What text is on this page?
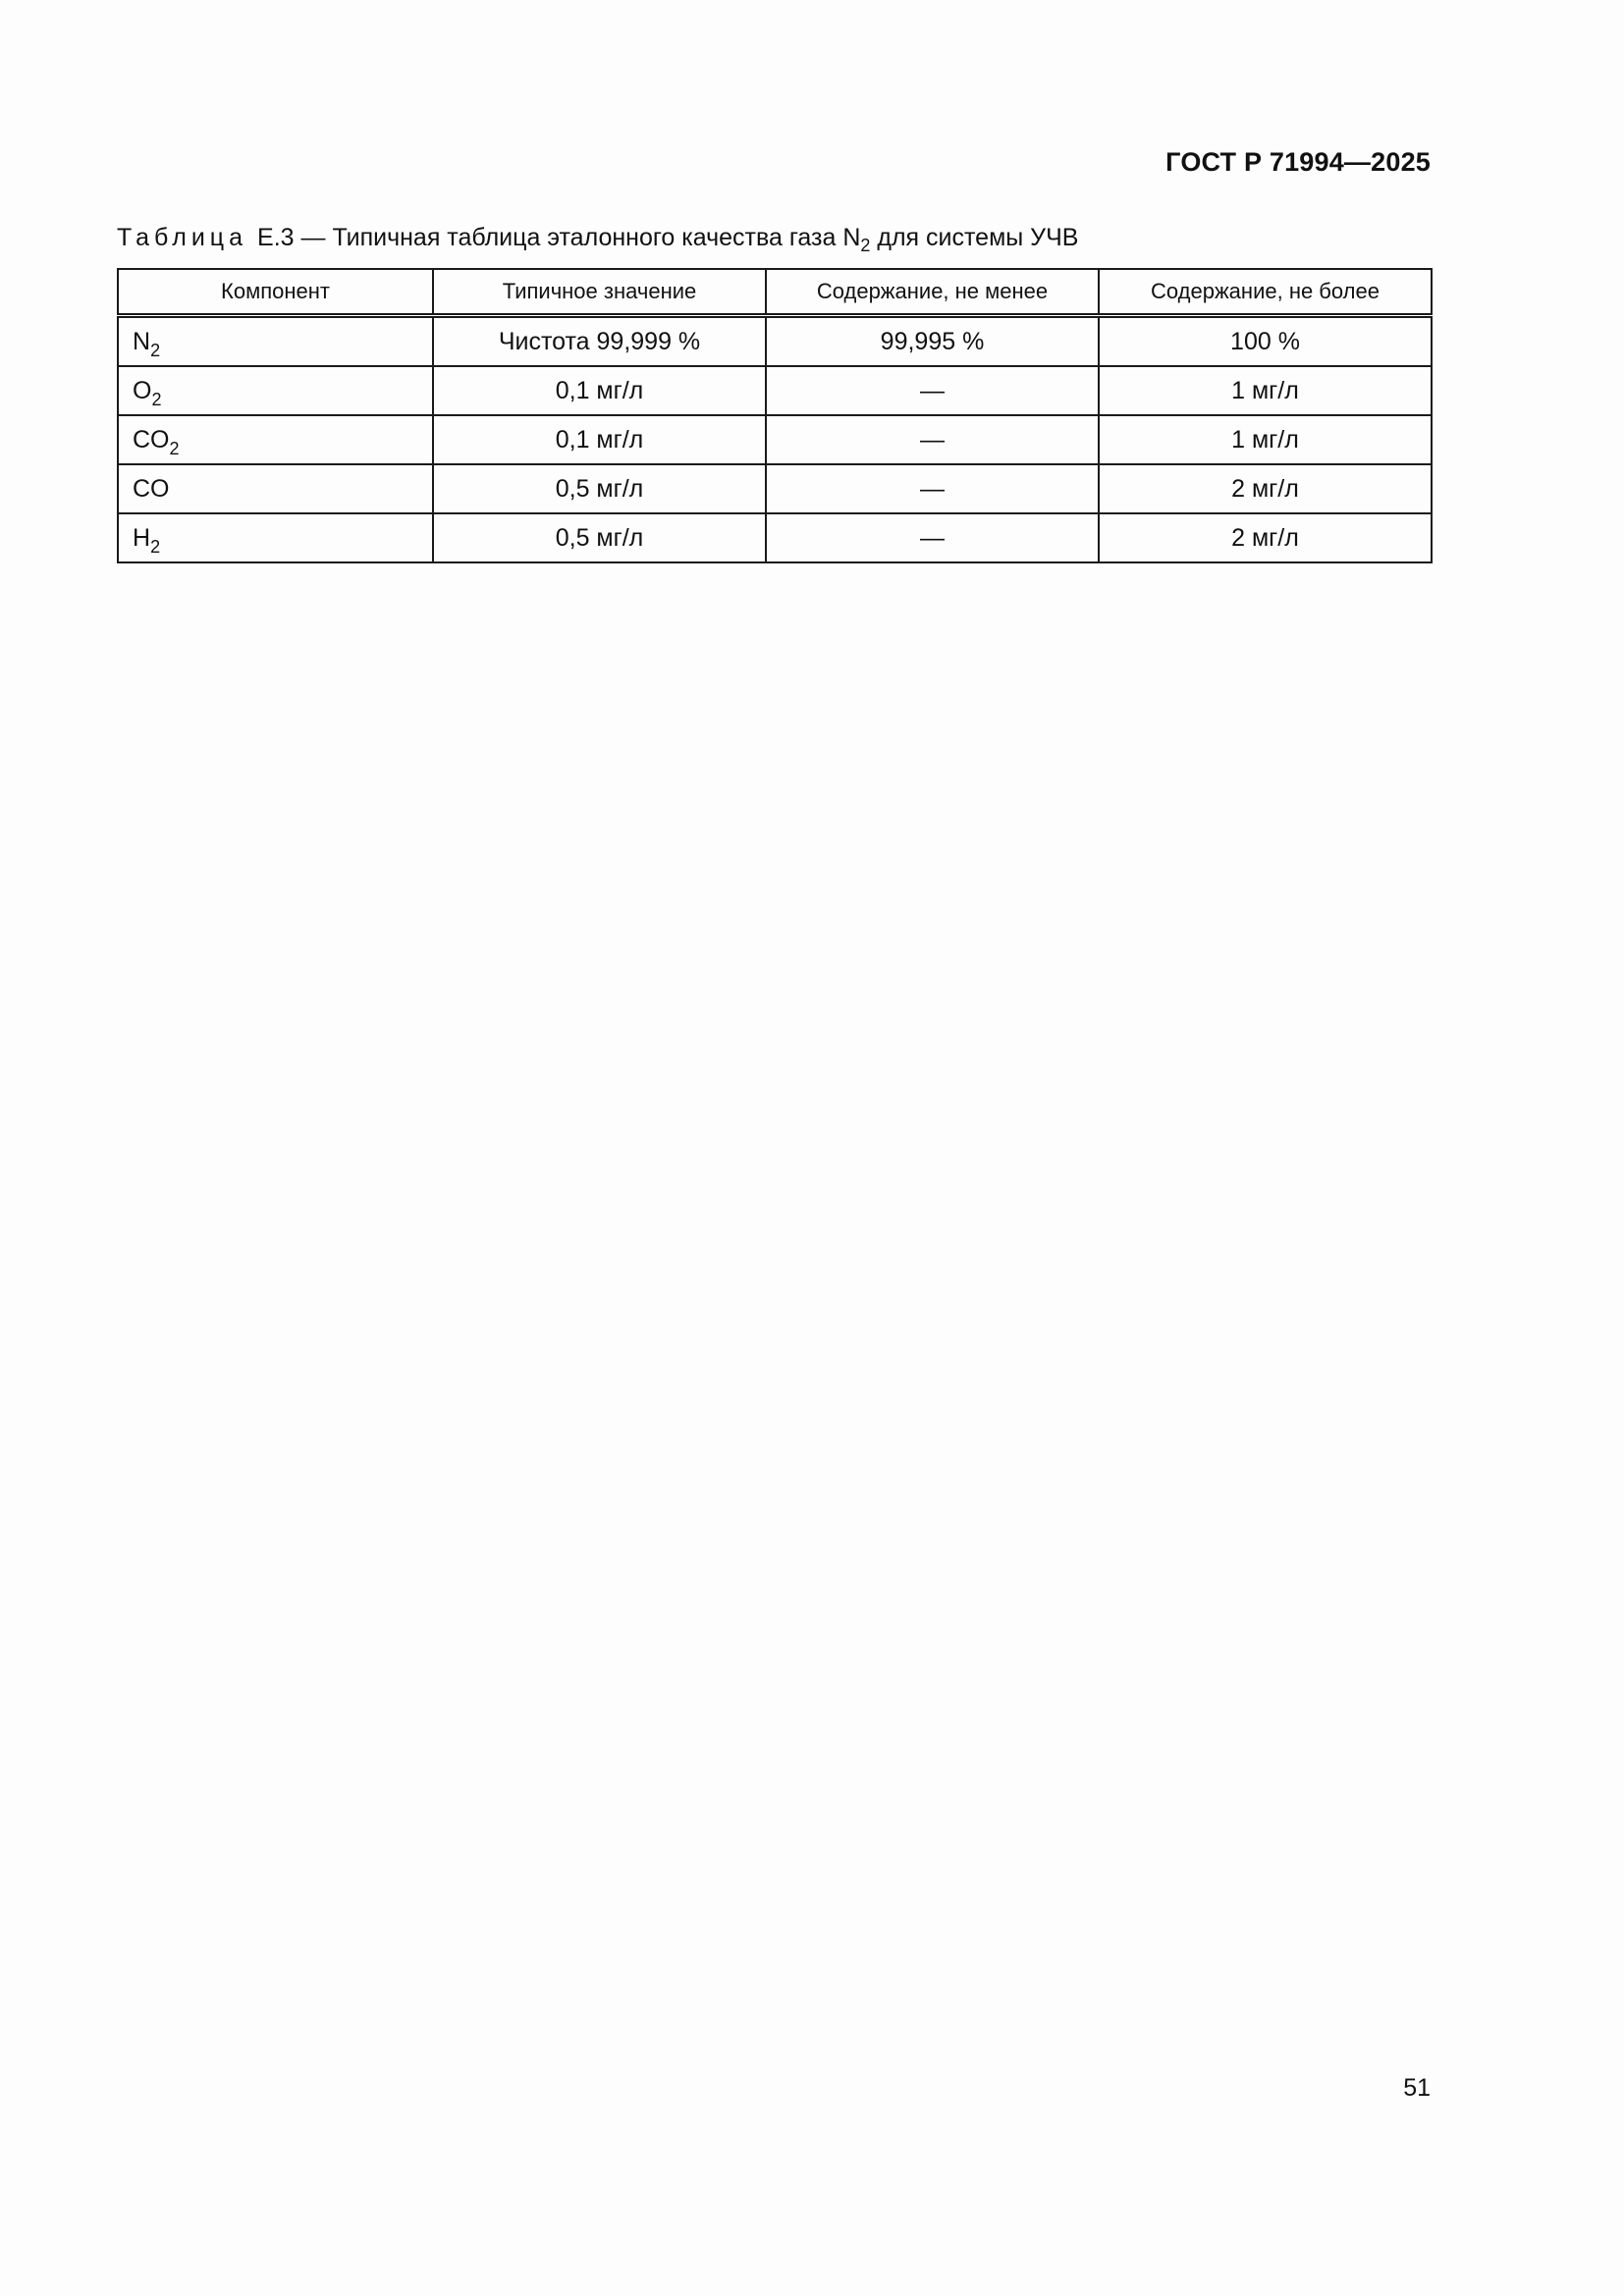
ГОСТ Р 71994—2025
Таблица Е.3 — Типичная таблица эталонного качества газа $N_2$ для системы УЧВ
Компонент	Типичное значение	Содержание, не менее	Содержание, не более
$N_2$	Чистота 99,999 %	99,995 %	100 %
$O_2$	0,1 мг/л	—	1 мг/л
$CO_2$	0,1 мг/л	—	1 мг/л
CO	0,5 мг/л	—	2 мг/л
$H_2$	0,5 мг/л	—	2 мг/л
51
